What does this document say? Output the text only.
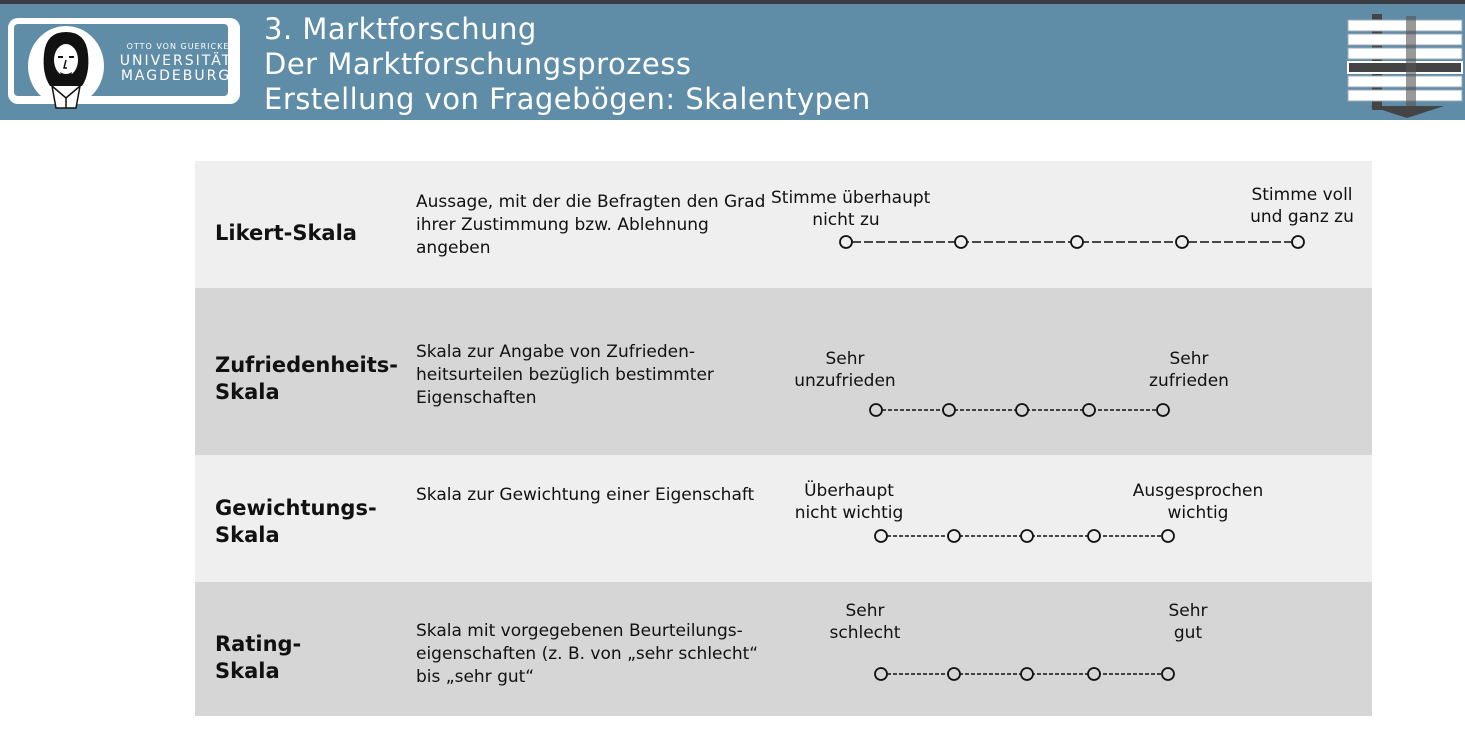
OTTO VON GUERICKE
UNIVERSITÄT
MAGDEBURG
3. Marktforschung
Der Marktforschungsprozess
Erstellung von Fragebögen: Skalentypen
Likert-Skala
Aussage, mit der die Befragten den Grad ihrer Zustimmung bzw. Ablehnung angeben
Stimme überhaupt
nicht zu
Stimme voll
und ganz zu
Zufriedenheits-
Skala
Skala zur Angabe von Zufrieden-heitsurteilen bezüglich bestimmter Eigenschaften
Sehr
unzufrieden
Sehr
zufrieden
Gewichtungs-
Skala
Skala zur Gewichtung einer Eigenschaft	Überhaupt
nicht wichtig
Ausgesprochen
wichtig
Rating-
Skala
Skala mit vorgegebenen Beurteilungs-eigenschaften (z. B. von „sehr schlecht“ bis „sehr gut“
Sehr
schlecht
Sehr
gut
